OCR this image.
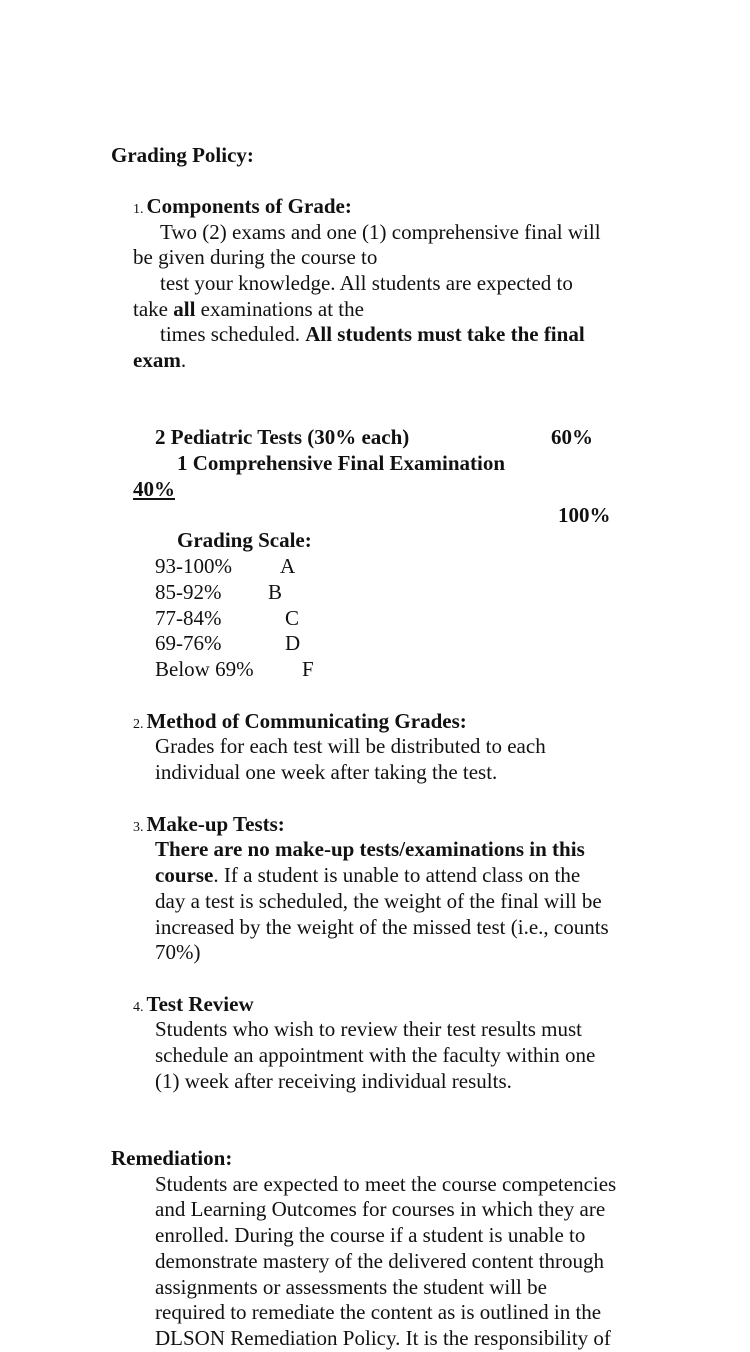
Grading Policy:
1. Components of Grade:
Two (2) exams and one (1) comprehensive final will
be given during the course to
test your knowledge. All students are expected to
take all examinations at the
times scheduled. All students must take the final
exam.
2 Pediatric Tests (30% each)	60%
1 Comprehensive Final Examination
40%
100%
Grading Scale:
93-100% A
85-92% B
77-84%	C
69-76%	D
Below 69% F
2. Method of Communicating Grades:
Grades for each test will be distributed to each
individual one week after taking the test.
3. Make-up Tests:
There are no make-up tests/examinations in this
course. If a student is unable to attend class on the
day a test is scheduled, the weight of the final will be
increased by the weight of the missed test (i.e., counts
70%)
4. Test Review
Students who wish to review their test results must
schedule an appointment with the faculty within one
(1) week after receiving individual results.
Remediation:
Students are expected to meet the course competencies
and Learning Outcomes for courses in which they are
enrolled. During the course if a student is unable to
demonstrate mastery of the delivered content through
assignments or assessments the student will be
required to remediate the content as is outlined in the
DLSON Remediation Policy. It is the responsibility of
